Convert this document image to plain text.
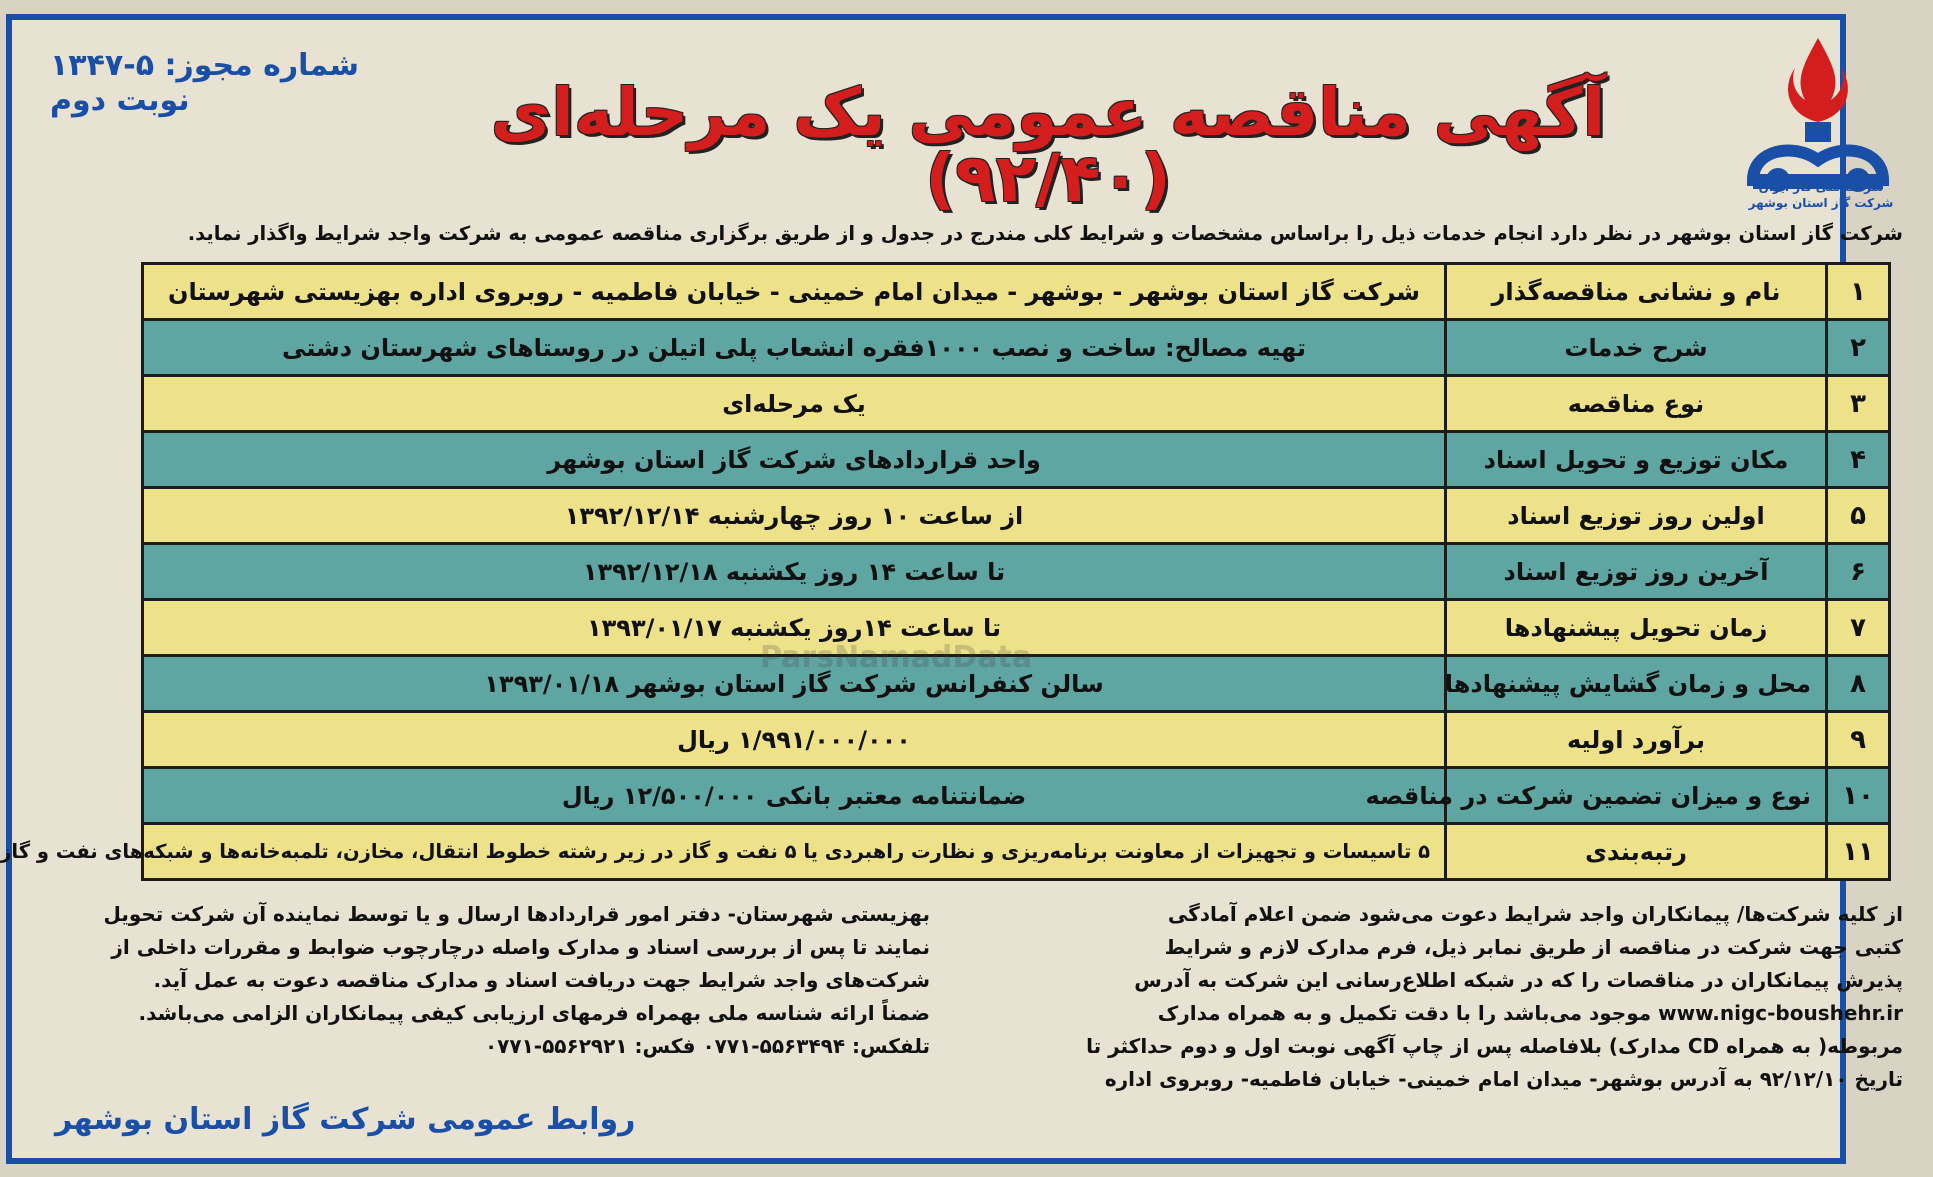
شرکت ملی گاز ایران
شرکت گاز استان بوشهر
آگهی مناقصه عمومی یک مرحله‌ای (۹۲/۴۰)
شماره مجوز: ۵-۱۳۴۷
نوبت دوم
شرکت گاز استان بوشهر در نظر دارد انجام خدمات ذیل را براساس مشخصات و شرایط کلی مندرج در جدول و از طریق برگزاری مناقصه عمومی به شرکت واجد شرایط واگذار نماید.
۱	نام و نشانی مناقصه‌گذار	شرکت گاز استان بوشهر - بوشهر - میدان امام خمینی - خیابان فاطمیه - روبروی اداره بهزیستی شهرستان
۲	شرح خدمات	تهیه مصالح: ساخت و نصب ۱۰۰۰فقره انشعاب پلی اتیلن در روستاهای شهرستان دشتی
۳	نوع مناقصه	یک مرحله‌ای
۴	مکان توزیع و تحویل اسناد	واحد قراردادهای شرکت گاز استان بوشهر
۵	اولین روز توزیع اسناد	از ساعت ۱۰ روز چهارشنبه ۱۳۹۲/۱۲/۱۴
۶	آخرین روز توزیع اسناد	تا ساعت ۱۴ روز یکشنبه ۱۳۹۲/۱۲/۱۸
۷	زمان تحویل پیشنهادها	تا ساعت ۱۴روز یکشنبه ۱۳۹۳/۰۱/۱۷
۸	محل و زمان گشایش پیشنهادها	سالن کنفرانس شرکت گاز استان بوشهر ۱۳۹۳/۰۱/۱۸
۹	برآورد اولیه	۱/۹۹۱/۰۰۰/۰۰۰ ریال
۱۰	نوع و میزان تضمین شرکت در مناقصه	ضمانتنامه معتبر بانکی ۱۲/۵۰۰/۰۰۰ ریال
۱۱	رتبه‌بندی	۵ تاسیسات و تجهیزات از معاونت برنامه‌ریزی و نظارت راهبردی یا ۵ نفت و گاز در زیر رشته خطوط انتقال، مخازن، تلمبه‌خانه‌ها و شبکه‌های نفت و گاز
ParsNamadData
از کلیه شرکت‌ها/ پیمانکاران واجد شرایط دعوت می‌شود ضمن اعلام آمادگی
کتبی جهت شرکت در مناقصه از طریق نمابر ذیل، فرم مدارک لازم و شرایط
پذیرش پیمانکاران در مناقصات را که در شبکه اطلاع‌رسانی این شرکت به آدرس
www.nigc-boushehr.ir موجود می‌باشد را با دقت تکمیل و به همراه مدارک
مربوطه( به همراه CD مدارک) بلافاصله پس از چاپ آگهی نوبت اول و دوم حداکثر تا
تاریخ ۹۲/۱۲/۱۰ به آدرس بوشهر- میدان امام خمینی- خیابان فاطمیه- روبروی اداره
بهزیستی شهرستان- دفتر امور قراردادها ارسال و یا توسط نماینده آن شرکت تحویل
نمایند تا پس از بررسی اسناد و مدارک واصله درچارچوب ضوابط و مقررات داخلی از
شرکت‌های واجد شرایط جهت دریافت اسناد و مدارک مناقصه دعوت به عمل آید.
ضمناً ارائه شناسه ملی بهمراه فرمهای ارزیابی کیفی پیمانکاران الزامی می‌باشد.
تلفکس: ۵۵۶۳۴۹۴-۰۷۷۱ فکس: ۵۵۶۲۹۲۱-۰۷۷۱
روابط عمومی شرکت گاز استان بوشهر
